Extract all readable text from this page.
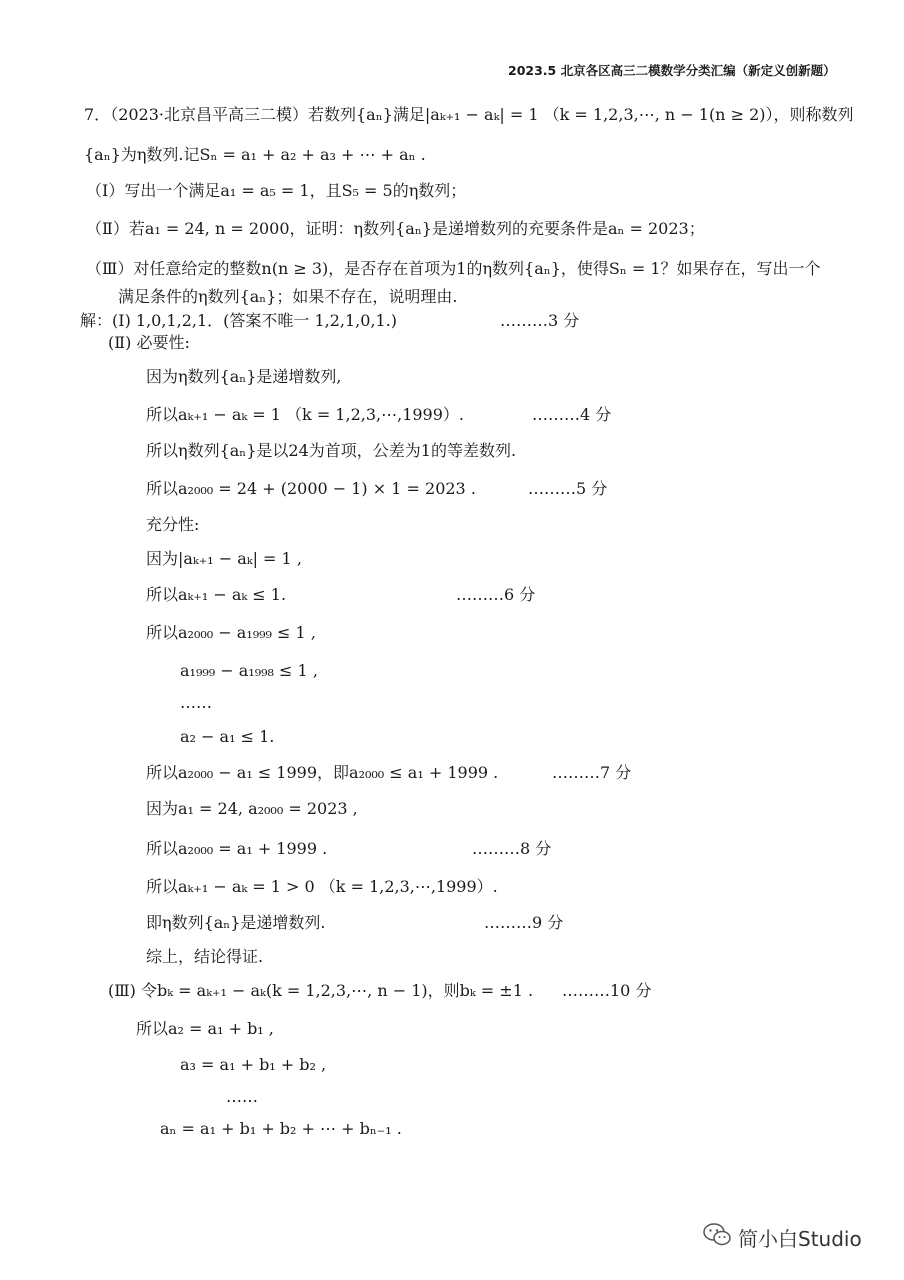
2023.5 北京各区高三二模数学分类汇编（新定义创新题）
7．（2023·北京昌平高三二模）若数列{aₙ}满足|aₖ₊₁ − aₖ| = 1 （k = 1,2,3,⋯, n − 1(n ≥ 2)），则称数列
{aₙ}为η数列.记Sₙ = a₁ + a₂ + a₃ + ⋯ + aₙ .
（Ⅰ）写出一个满足a₁ = a₅ = 1，且S₅ = 5的η数列；
（Ⅱ）若a₁ = 24, n = 2000，证明：η数列{aₙ}是递增数列的充要条件是aₙ = 2023；
（Ⅲ）对任意给定的整数n(n ≥ 3)，是否存在首项为1的η数列{aₙ}，使得Sₙ = 1？如果存在，写出一个
满足条件的η数列{aₙ}；如果不存在，说明理由.
解：(Ⅰ) 1,0,1,2,1．(答案不唯一 1,2,1,0,1.)	………3 分
(Ⅱ) 必要性:
因为η数列{aₙ}是递增数列,
所以aₖ₊₁ − aₖ = 1 （k = 1,2,3,⋯,1999）.	………4 分
所以η数列{aₙ}是以24为首项，公差为1的等差数列.
所以a₂₀₀₀ = 24 + (2000 − 1) × 1 = 2023 .	………5 分
充分性:
因为|aₖ₊₁ − aₖ| = 1 ,
所以aₖ₊₁ − aₖ ≤ 1.	………6 分
所以a₂₀₀₀ − a₁₉₉₉ ≤ 1 ,
a₁₉₉₉ − a₁₉₉₈ ≤ 1 ,
……
a₂ − a₁ ≤ 1.
所以a₂₀₀₀ − a₁ ≤ 1999，即a₂₀₀₀ ≤ a₁ + 1999 .	………7 分
因为a₁ = 24, a₂₀₀₀ = 2023 ,
所以a₂₀₀₀ = a₁ + 1999 .	………8 分
所以aₖ₊₁ − aₖ = 1 > 0 （k = 1,2,3,⋯,1999）.
即η数列{aₙ}是递增数列.	………9 分
综上，结论得证.
(Ⅲ) 令bₖ = aₖ₊₁ − aₖ(k = 1,2,3,⋯, n − 1)，则bₖ = ±1 . ………10 分
所以a₂ = a₁ + b₁ ,
a₃ = a₁ + b₁ + b₂ ,
……
aₙ = a₁ + b₁ + b₂ + ⋯ + bₙ₋₁ .
简小白Studio
